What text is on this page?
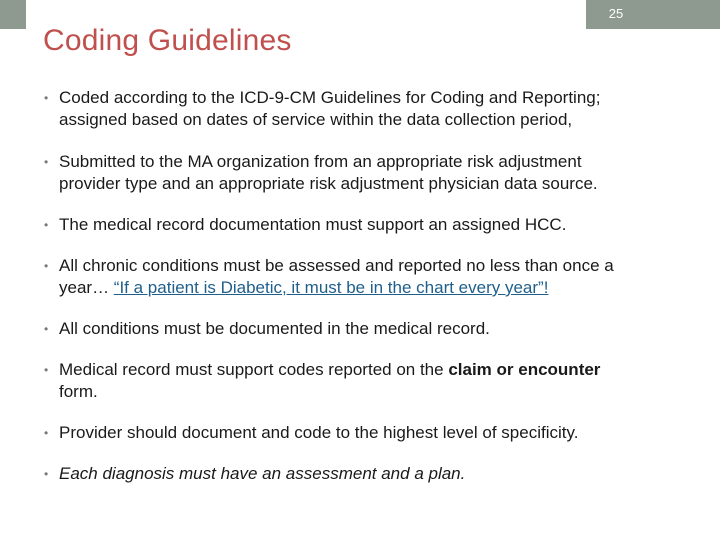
25
Coding Guidelines
• Coded according to the ICD-9-CM Guidelines for Coding and Reporting;
assigned based on dates of service within the data collection period,
• Submitted to the MA organization from an appropriate risk adjustment
provider type and an appropriate risk adjustment physician data source.
• The medical record documentation must support an assigned HCC.
• All chronic conditions must be assessed and reported no less than once a
year… “If a patient is Diabetic, it must be in the chart every year”!
• All conditions must be documented in the medical record.
• Medical record must support codes reported on the claim or encounter
form.
• Provider should document and code to the highest level of specificity.
• Each diagnosis must have an assessment and a plan.
